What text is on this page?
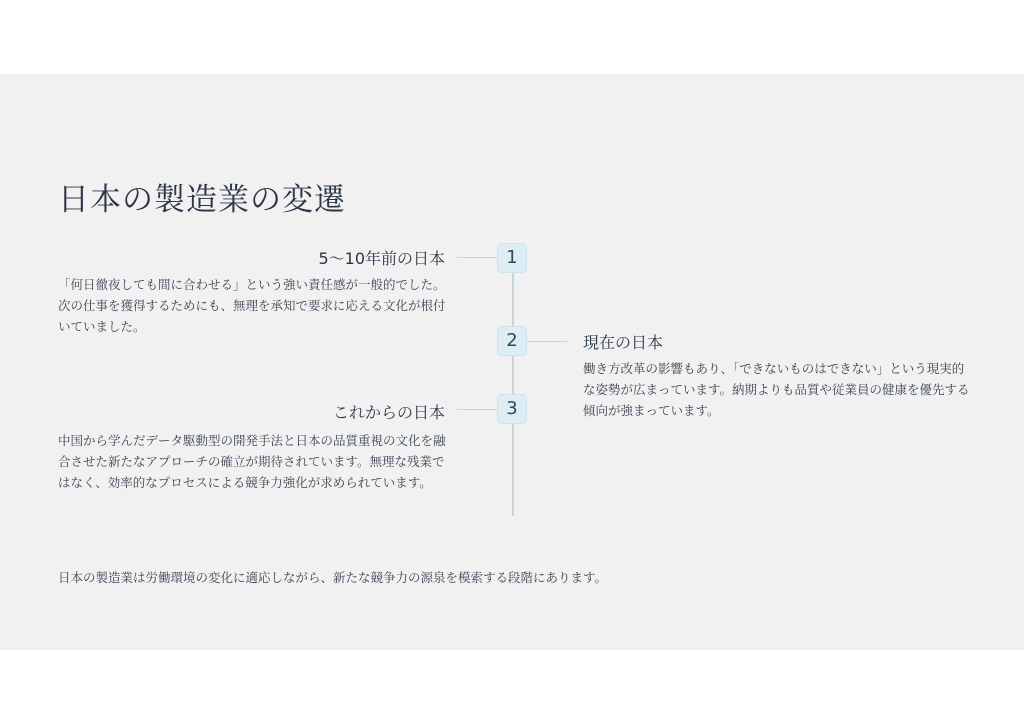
日本の製造業の変遷
1
2
3
5〜10年前の日本

「何日徹夜しても間に合わせる」という強い責任感が一般的でした。次の仕事を獲得するためにも、無理を承知で要求に応える文化が根付いていました。

現在の日本

働き方改革の影響もあり、「できないものはできない」という現実的な姿勢が広まっています。納期よりも品質や従業員の健康を優先する傾向が強まっています。

これからの日本

中国から学んだデータ駆動型の開発手法と日本の品質重視の文化を融合させた新たなアプローチの確立が期待されています。無理な残業ではなく、効率的なプロセスによる競争力強化が求められています。

日本の製造業は労働環境の変化に適応しながら、新たな競争力の源泉を模索する段階にあります。
